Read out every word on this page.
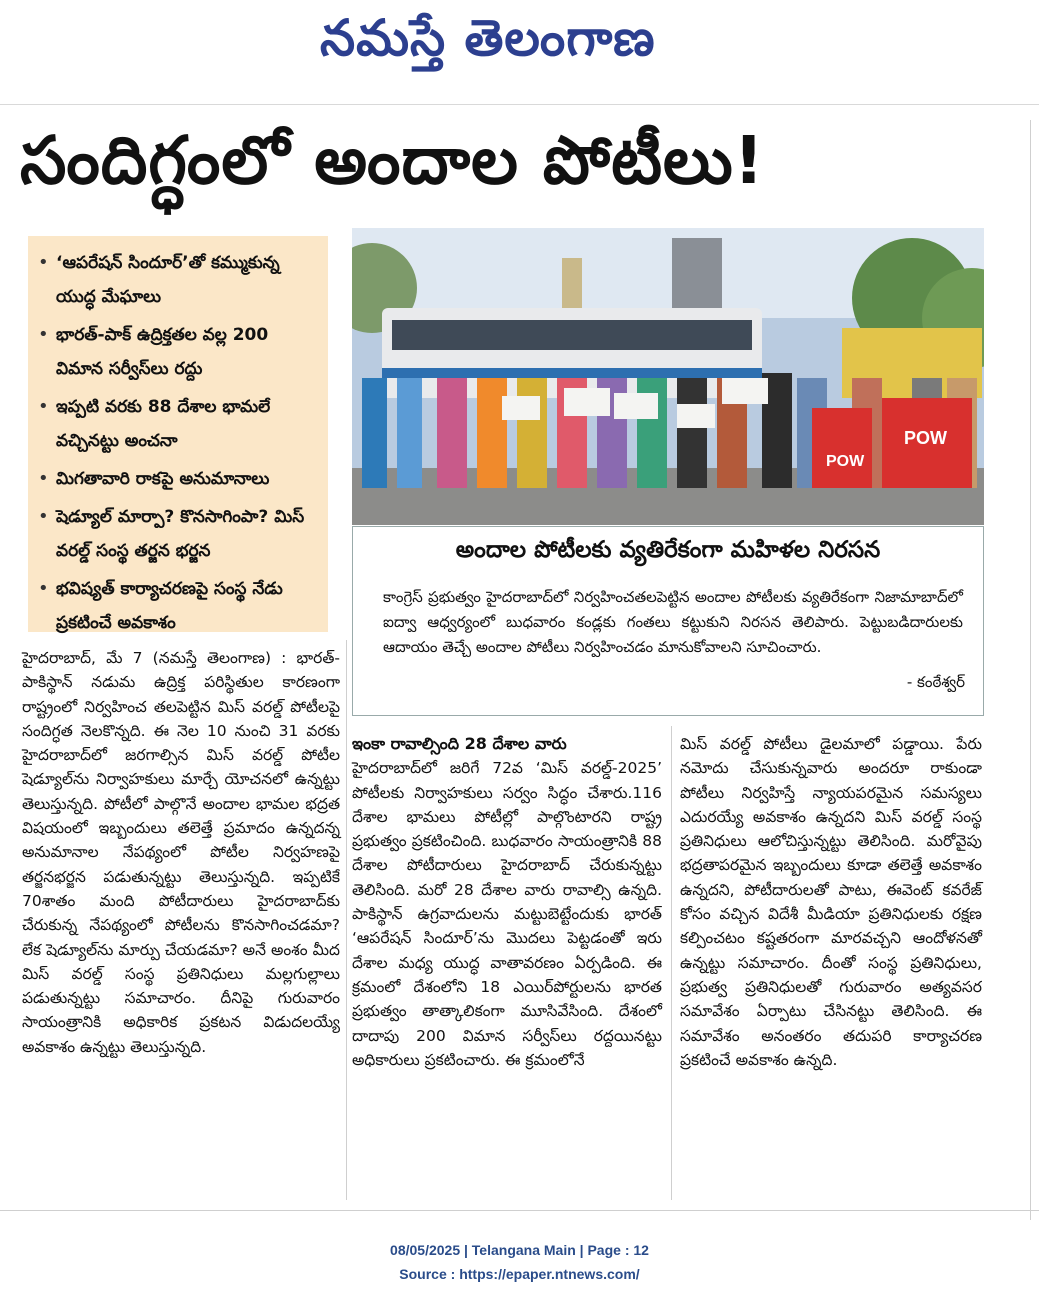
నమస్తే తెలంగాణ
సందిగ్ధంలో అందాల పోటీలు!
• ‘ఆపరేషన్ సిందూర్’తో కమ్ముకున్న యుద్ధ మేఘాలు
• భారత్-పాక్ ఉద్రిక్తతల వల్ల 200 విమాన సర్వీస్‌లు రద్దు
• ఇప్పటి వరకు 88 దేశాల భామలే వచ్చినట్టు అంచనా
• మిగతావారి రాకపై అనుమానాలు
• షెడ్యూల్ మార్పా? కొనసాగింపా? మిస్ వరల్డ్ సంస్థ తర్జన భర్జన
• భవిష్యత్ కార్యాచరణపై సంస్థ నేడు ప్రకటించే అవకాశం
POW
POW
అందాల పోటీలకు వ్యతిరేకంగా మహిళల నిరసన
కాంగ్రెస్ ప్రభుత్వం హైదరాబాద్‌లో నిర్వహించతలపెట్టిన అందాల పోటీలకు వ్యతిరేకంగా నిజామాబాద్‌లో ఐద్వా ఆధ్వర్యంలో బుధవారం కండ్లకు గంతలు కట్టుకుని నిరసన తెలిపారు. పెట్టుబడిదారులకు ఆదాయం తెచ్చే అందాల పోటీలు నిర్వహించడం మానుకోవాలని సూచించారు.
- కంఠేశ్వర్
హైదరాబాద్, మే 7 (నమస్తే తెలంగాణ) : భారత్- పాకిస్థాన్ నడుమ ఉద్రిక్త పరిస్థితుల కారణంగా రాష్ట్రంలో నిర్వహించ తలపెట్టిన మిస్ వరల్డ్ పోటీలపై సందిగ్ధత నెలకొన్నది. ఈ నెల 10 నుంచి 31 వరకు హైదరాబాద్‌లో జరగాల్సిన మిస్ వరల్డ్ పోటీల షెడ్యూల్‌ను నిర్వాహకులు మార్చే యోచనలో ఉన్నట్టు తెలుస్తున్నది. పోటీలో పాల్గొనే అందాల భామల భద్రత విషయంలో ఇబ్బందులు తలెత్తే ప్రమాదం ఉన్నదన్న అనుమానాల నేపథ్యంలో పోటీల నిర్వహణపై తర్జనభర్జన పడుతున్నట్టు తెలుస్తున్నది. ఇప్పటికే 70శాతం మంది పోటీదారులు హైదరాబాద్‌కు చేరుకున్న నేపథ్యంలో పోటీలను కొనసాగించడమా? లేక షెడ్యూల్‌ను మార్పు చేయడమా? అనే అంశం మీద మిస్ వరల్డ్ సంస్థ ప్రతినిధులు మల్లగుల్లాలు పడుతున్నట్టు సమాచారం. దీనిపై గురువారం సాయంత్రానికి అధికారిక ప్రకటన విడుదలయ్యే అవకాశం ఉన్నట్టు తెలుస్తున్నది.
ఇంకా రావాల్సింది 28 దేశాల వారు
హైదరాబాద్‌లో జరిగే 72వ ‘మిస్ వరల్డ్-2025’ పోటీలకు నిర్వాహకులు సర్వం సిద్ధం చేశారు.116 దేశాల భామలు పోటీల్లో పాల్గొంటారని రాష్ట్ర ప్రభుత్వం ప్రకటించింది. బుధవారం సాయంత్రానికి 88 దేశాల పోటీదారులు హైదరాబాద్ చేరుకున్నట్టు తెలిసింది. మరో 28 దేశాల వారు రావాల్సి ఉన్నది. పాకిస్థాన్ ఉగ్రవాదులను మట్టుబెట్టేందుకు భారత్ ‘ఆపరేషన్ సిందూర్’ను మొదలు పెట్టడంతో ఇరు దేశాల మధ్య యుద్ధ వాతావరణం ఏర్పడింది. ఈ క్రమంలో దేశంలోని 18 ఎయిర్‌పోర్టులను భారత ప్రభుత్వం తాత్కాలికంగా మూసివేసింది. దేశంలో దాదాపు 200 విమాన సర్వీస్‌లు రద్దయినట్టు అధికారులు ప్రకటించారు. ఈ క్రమంలోనే
మిస్ వరల్డ్ పోటీలు డైలమాలో పడ్డాయి. పేరు నమోదు చేసుకున్నవారు అందరూ రాకుండా పోటీలు నిర్వహిస్తే న్యాయపరమైన సమస్యలు ఎదురయ్యే అవకాశం ఉన్నదని మిస్ వరల్డ్ సంస్థ ప్రతినిధులు ఆలోచిస్తున్నట్టు తెలిసింది. మరోవైపు భద్రతాపరమైన ఇబ్బందులు కూడా తలెత్తే అవకాశం ఉన్నదని, పోటీదారులతో పాటు, ఈవెంట్ కవరేజ్ కోసం వచ్చిన విదేశీ మీడియా ప్రతినిధులకు రక్షణ కల్పించటం కష్టతరంగా మారవచ్చని ఆందోళనతో ఉన్నట్టు సమాచారం. దీంతో సంస్థ ప్రతినిధులు, ప్రభుత్వ ప్రతినిధులతో గురువారం అత్యవసర సమావేశం ఏర్పాటు చేసినట్టు తెలిసింది. ఈ సమావేశం అనంతరం తదుపరి కార్యాచరణ ప్రకటించే అవకాశం ఉన్నది.
08/05/2025 | Telangana Main | Page : 12
Source : https://epaper.ntnews.com/
